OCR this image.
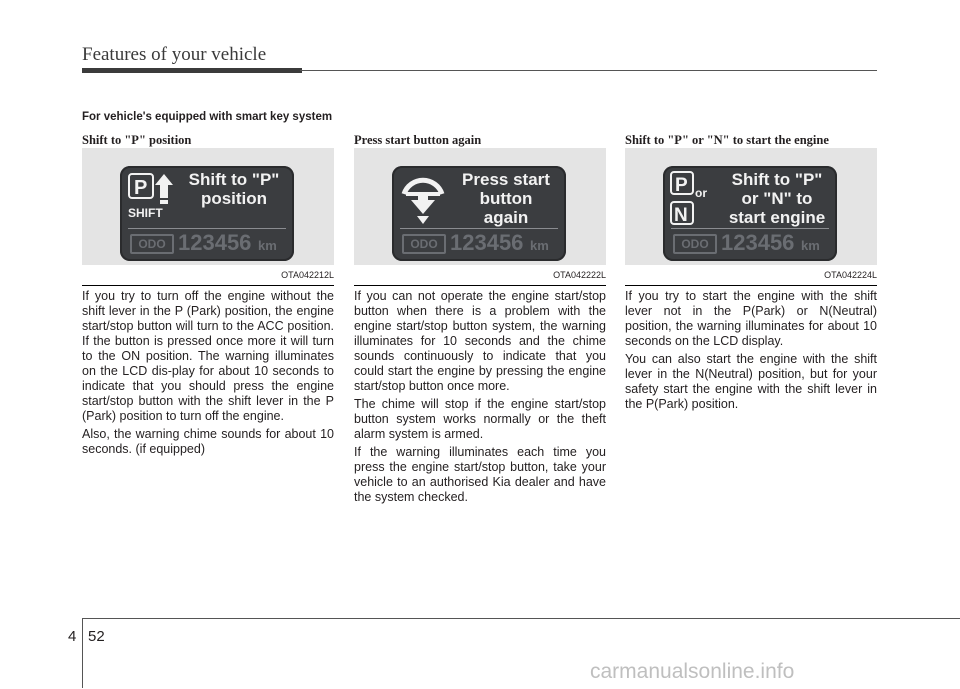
Features of your vehicle
For vehicle's equipped with smart key system
Shift to "P" position
P
SHIFT
Shift to "P"
position
ODO 123456 km
OTA042212L

If you try to turn off the engine without the shift lever in the P (Park) position, the engine start/stop button will turn to the ACC position. If the button is pressed once more it will turn to the ON position. The warning illuminates on the LCD dis-play for about 10 seconds to indicate that you should press the engine start/stop button with the shift lever in the P (Park) position to turn off the engine.

Also, the warning chime sounds for about 10 seconds. (if equipped)

Press start button again
Press start
button
again
ODO 123456 km
OTA042222L

If you can not operate the engine start/stop button when there is a problem with the engine start/stop button system, the warning illuminates for 10 seconds and the chime sounds continuously to indicate that you could start the engine by pressing the engine start/stop button once more.

The chime will stop if the engine start/stop button system works normally or the theft alarm system is armed.

If the warning illuminates each time you press the engine start/stop button, take your vehicle to an authorised Kia dealer and have the system checked.

Shift to "P" or "N" to start the engine
P
N
or
Shift to "P"
or "N" to
start engine
ODO 123456 km
OTA042224L

If you try to start the engine with the shift lever not in the P(Park) or N(Neutral) position, the warning illuminates for about 10 seconds on the LCD display.

You can also start the engine with the shift lever in the N(Neutral) position, but for your safety start the engine with the shift lever in the P(Park) position.

4 52
carmanualsonline.info
